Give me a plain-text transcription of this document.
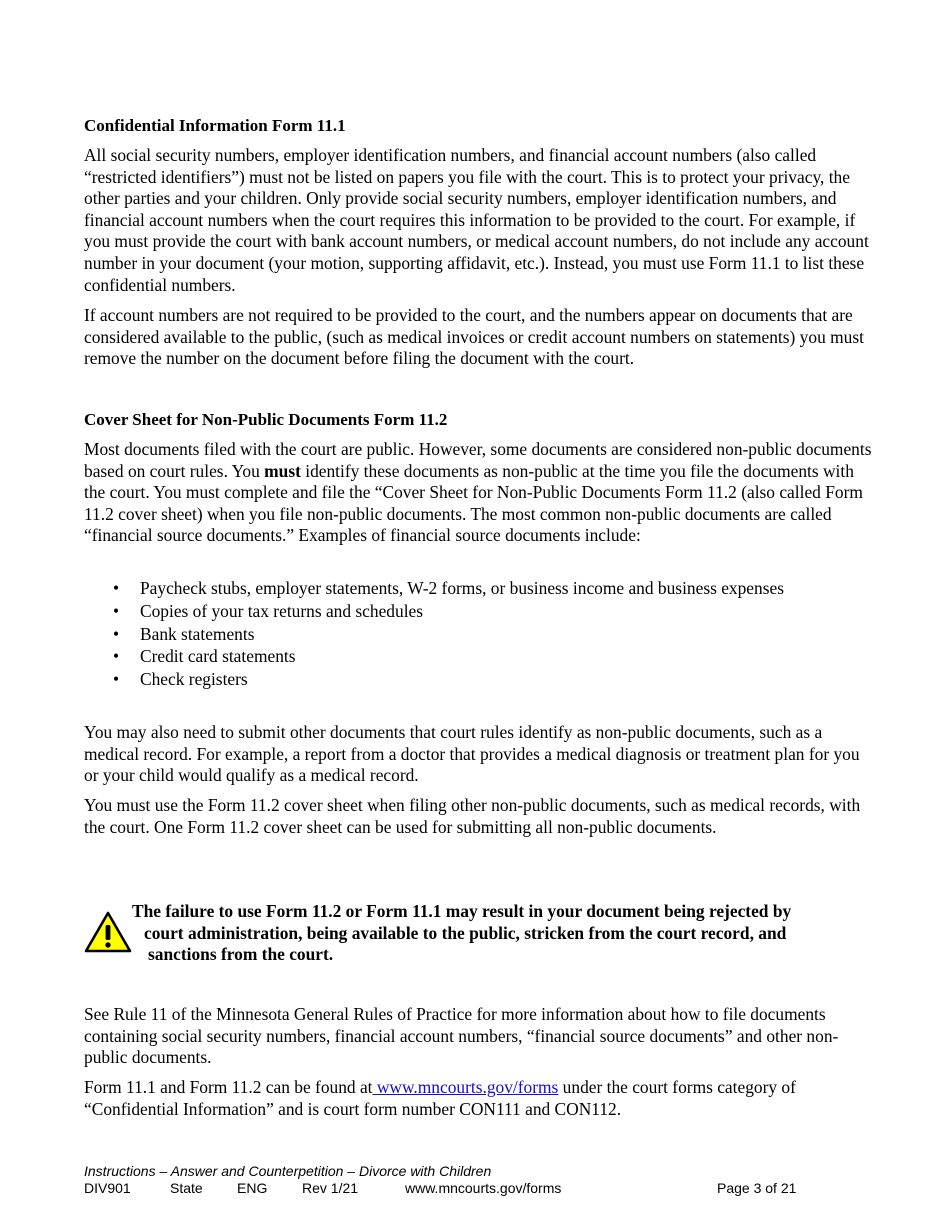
Confidential Information Form 11.1

All social security numbers, employer identification numbers, and financial account numbers (also called “restricted identifiers”) must not be listed on papers you file with the court. This is to protect your privacy, the other parties and your children. Only provide social security numbers, employer identification numbers, and financial account numbers when the court requires this information to be provided to the court. For example, if you must provide the court with bank account numbers, or medical account numbers, do not include any account number in your document (your motion, supporting affidavit, etc.). Instead, you must use Form 11.1 to list these confidential numbers.

If account numbers are not required to be provided to the court, and the numbers appear on documents that are considered available to the public, (such as medical invoices or credit account numbers on statements) you must remove the number on the document before filing the document with the court.

Cover Sheet for Non-Public Documents Form 11.2

Most documents filed with the court are public. However, some documents are considered non-public documents based on court rules. You must identify these documents as non-public at the time you file the documents with the court. You must complete and file the “Cover Sheet for Non-Public Documents Form 11.2 (also called Form 11.2 cover sheet) when you file non-public documents. The most common non-public documents are called “financial source documents.” Examples of financial source documents include:

• Paycheck stubs, employer statements, W-2 forms, or business income and business expenses
• Copies of your tax returns and schedules
• Bank statements
• Credit card statements
• Check registers

You may also need to submit other documents that court rules identify as non-public documents, such as a medical record. For example, a report from a doctor that provides a medical diagnosis or treatment plan for you or your child would qualify as a medical record.

You must use the Form 11.2 cover sheet when filing other non-public documents, such as medical records, with the court. One Form 11.2 cover sheet can be used for submitting all non-public documents.

The failure to use Form 11.2 or Form 11.1 may result in your document being rejected by
court administration, being available to the public, stricken from the court record, and
sanctions from the court.

See Rule 11 of the Minnesota General Rules of Practice for more information about how to file documents containing social security numbers, financial account numbers, “financial source documents” and other non-public documents.

Form 11.1 and Form 11.2 can be found at www.mncourts.gov/forms under the court forms category of “Confidential Information” and is court form number CON111 and CON112.

Instructions – Answer and Counterpetition – Divorce with Children
DIV901	State ENG Rev 1/21	www.mncourts.gov/forms	Page 3 of 21
